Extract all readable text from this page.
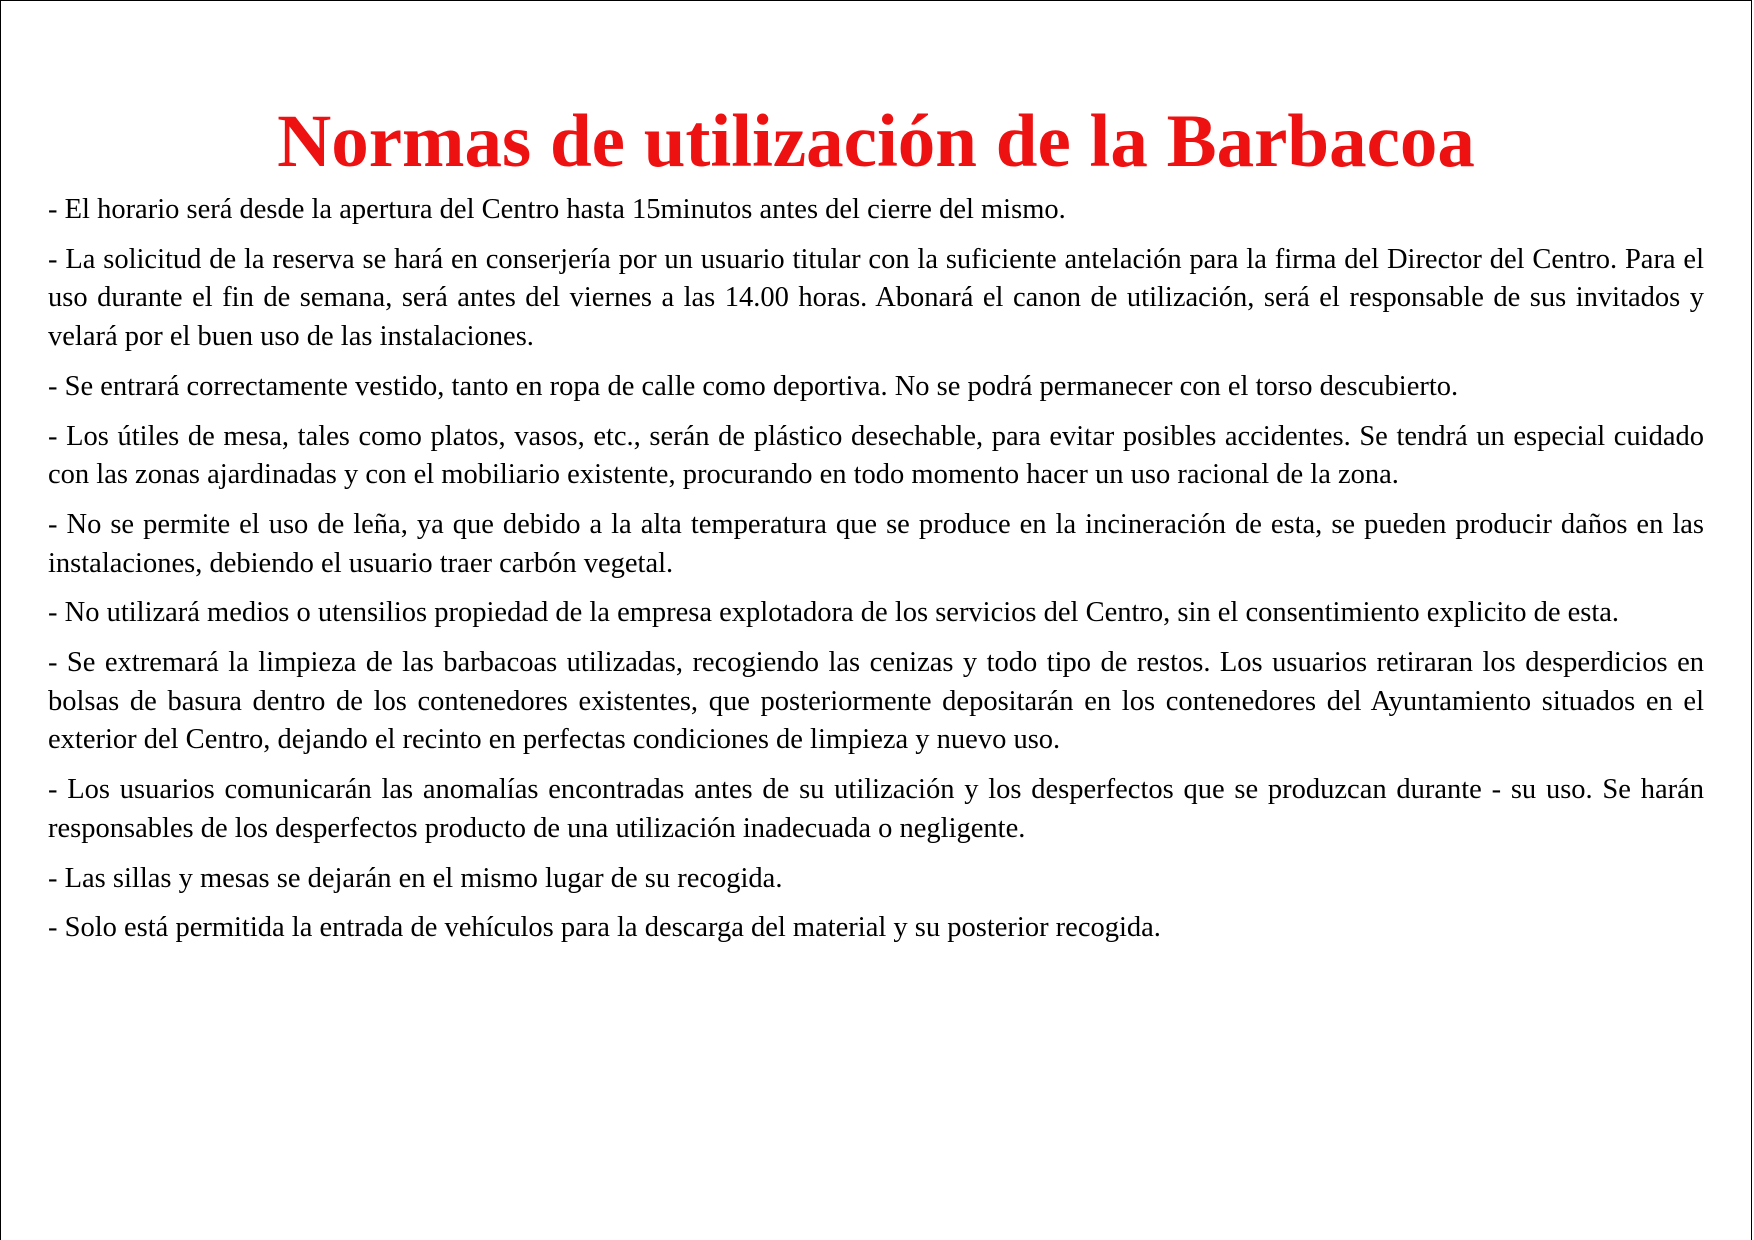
Normas de utilización de la Barbacoa
- El horario será desde la apertura del Centro hasta 15minutos antes del cierre del mismo.
- La solicitud de la reserva se hará en conserjería por un usuario titular con la suficiente antelación para la firma del Director del Centro. Para el uso durante el fin de semana, será antes del viernes a las 14.00 horas. Abonará el canon de utilización, será el responsable de sus invitados y velará por el buen uso de las instalaciones.
- Se entrará correctamente vestido, tanto en ropa de calle como deportiva. No se podrá permanecer con el torso descubierto.
- Los útiles de mesa, tales como platos, vasos, etc., serán de plástico desechable, para evitar posibles accidentes. Se tendrá un especial cuidado con las zonas ajardinadas y con el mobiliario existente, procurando en todo momento hacer un uso racional de la zona.
- No se permite el uso de leña, ya que debido a la alta temperatura que se produce en la incineración de esta, se pueden producir daños en las instalaciones, debiendo el usuario traer carbón vegetal.
- No utilizará medios o utensilios propiedad de la empresa explotadora de los servicios del Centro, sin el consentimiento explicito de esta.
- Se extremará la limpieza de las barbacoas utilizadas, recogiendo las cenizas y todo tipo de restos. Los usuarios retiraran los desperdicios en bolsas de basura dentro de los contenedores existentes, que posteriormente depositarán en los contenedores del Ayuntamiento situados en el exterior del Centro, dejando el recinto en perfectas condiciones de limpieza y nuevo uso.
- Los usuarios comunicarán las anomalías encontradas antes de su utilización y los desperfectos que se produzcan durante - su uso. Se harán responsables de los desperfectos producto de una utilización inadecuada o negligente.
- Las sillas y mesas se dejarán en el mismo lugar de su recogida.
- Solo está permitida la entrada de vehículos para la descarga del material y su posterior recogida.
